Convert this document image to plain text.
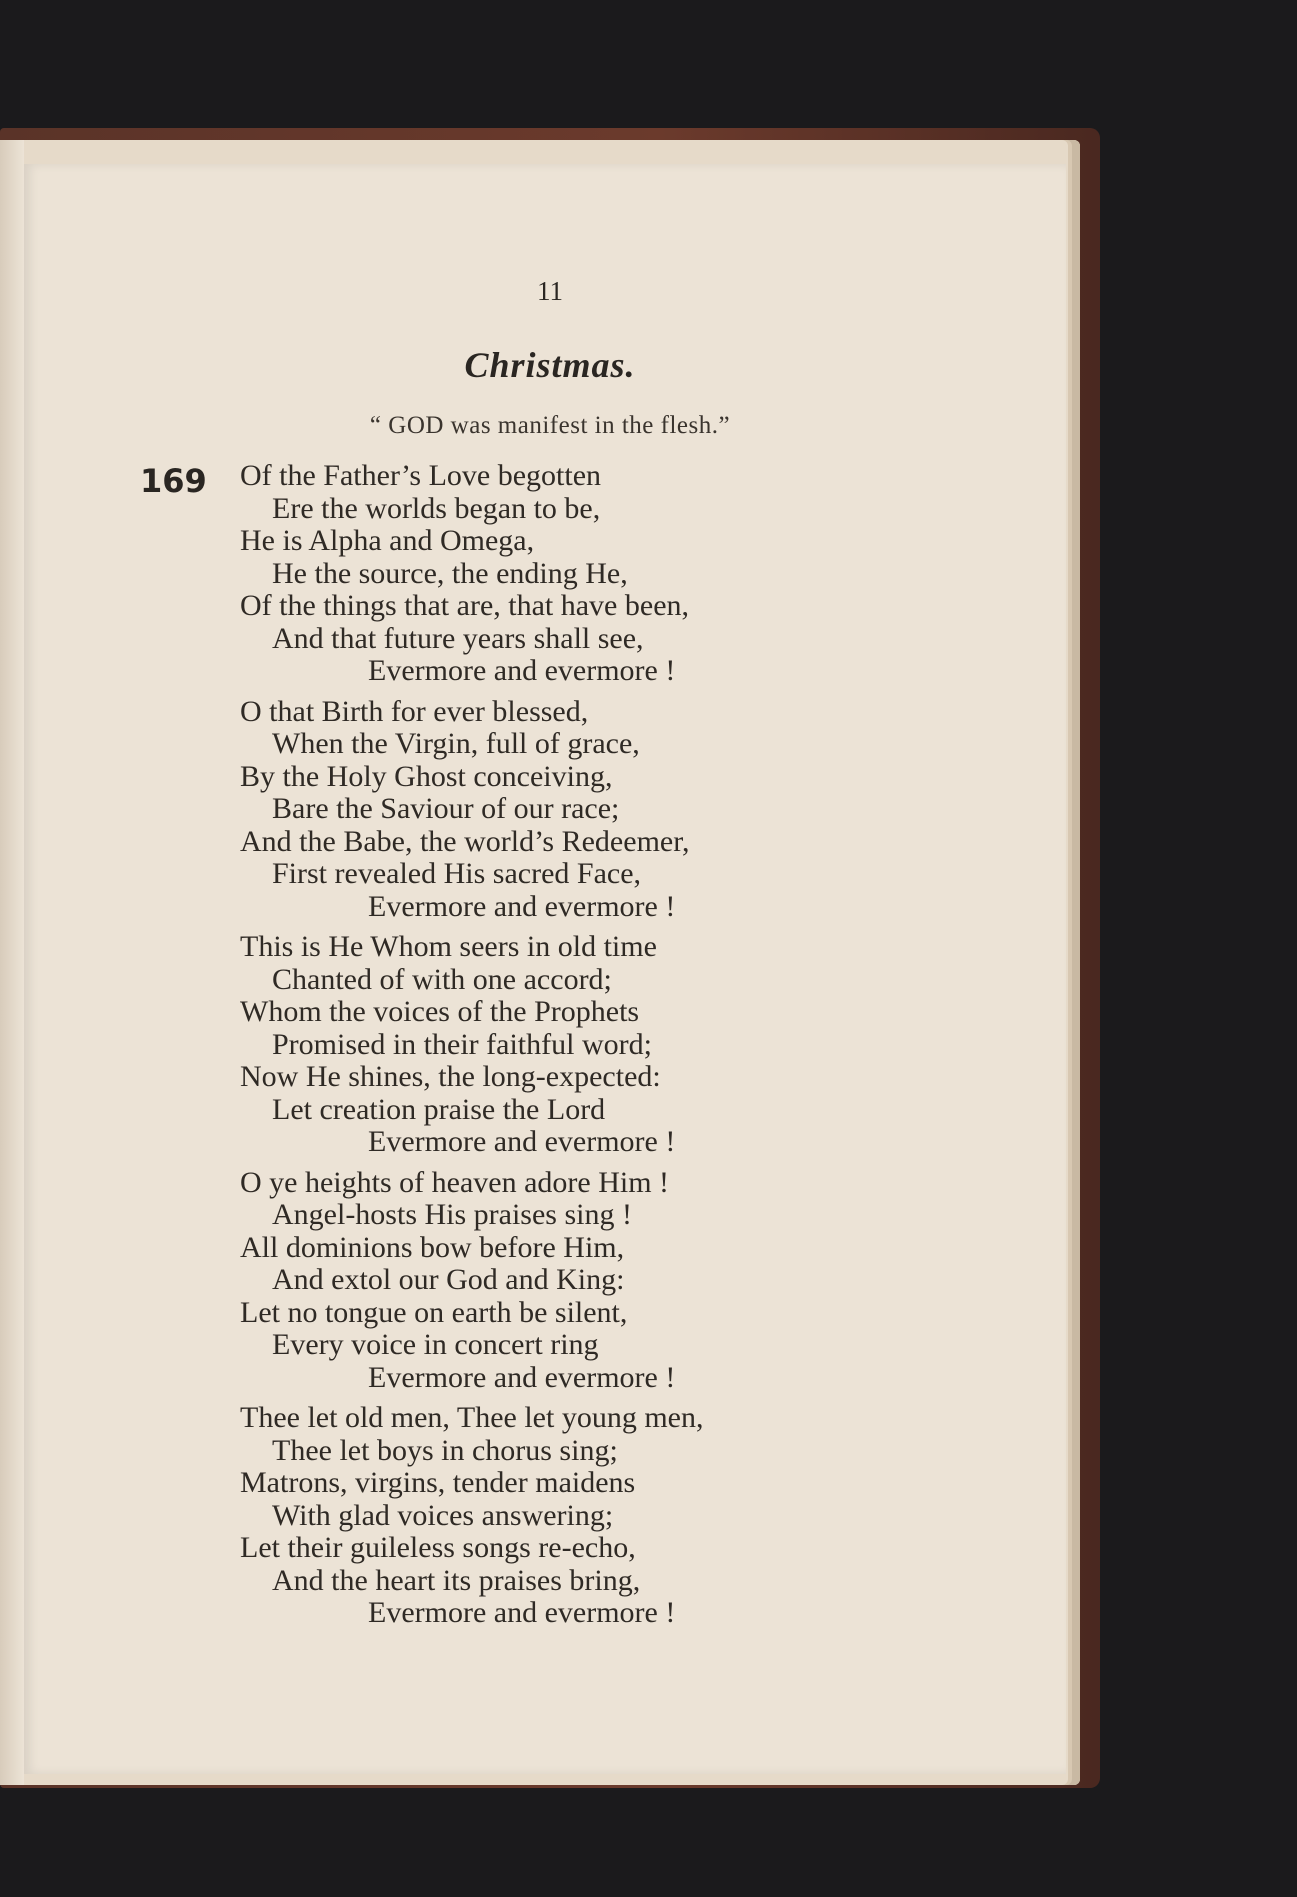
11
Christmas.
“ GOD was manifest in the flesh.”
169 Of the Father’s Love begotten
Ere the worlds began to be,
He is Alpha and Omega,
He the source, the ending He,
Of the things that are, that have been,
And that future years shall see,
Evermore and evermore !
O that Birth for ever blessed,
When the Virgin, full of grace,
By the Holy Ghost conceiving,
Bare the Saviour of our race;
And the Babe, the world’s Redeemer,
First revealed His sacred Face,
Evermore and evermore !
This is He Whom seers in old time
Chanted of with one accord;
Whom the voices of the Prophets
Promised in their faithful word;
Now He shines, the long-expected:
Let creation praise the Lord
Evermore and evermore !
O ye heights of heaven adore Him !
Angel-hosts His praises sing !
All dominions bow before Him,
And extol our God and King:
Let no tongue on earth be silent,
Every voice in concert ring
Evermore and evermore !
Thee let old men, Thee let young men,
Thee let boys in chorus sing;
Matrons, virgins, tender maidens
With glad voices answering;
Let their guileless songs re-echo,
And the heart its praises bring,
Evermore and evermore !
